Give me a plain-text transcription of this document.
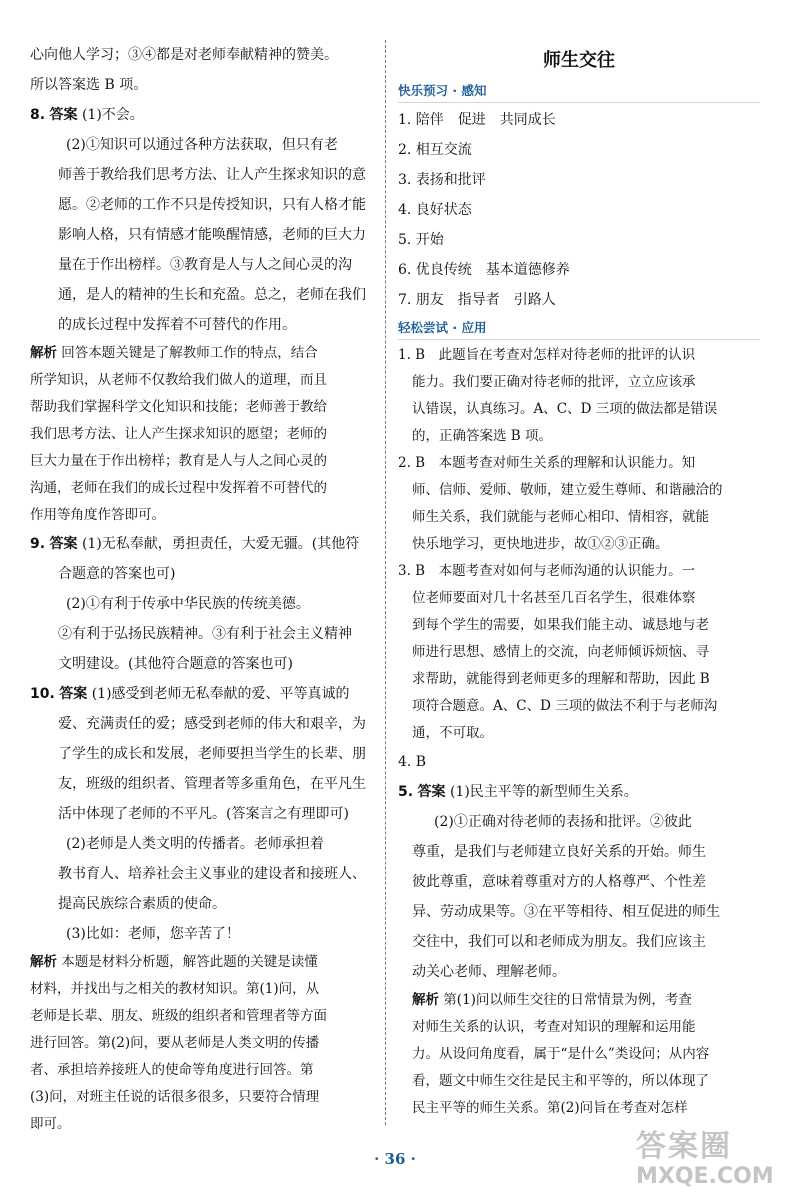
心向他人学习；③④都是对老师奉献精神的赞美。

所以答案选 B 项。

8. 答案 (1)不会。

(2)①知识可以通过各种方法获取，但只有老

师善于教给我们思考方法、让人产生探求知识的意

愿。②老师的工作不只是传授知识，只有人格才能

影响人格，只有情感才能唤醒情感，老师的巨大力

量在于作出榜样。③教育是人与人之间心灵的沟

通，是人的精神的生长和充盈。总之，老师在我们

的成长过程中发挥着不可替代的作用。

解析 回答本题关键是了解教师工作的特点，结合

所学知识，从老师不仅教给我们做人的道理，而且

帮助我们掌握科学文化知识和技能；老师善于教给

我们思考方法、让人产生探求知识的愿望；老师的

巨大力量在于作出榜样；教育是人与人之间心灵的

沟通，老师在我们的成长过程中发挥着不可替代的

作用等角度作答即可。

9. 答案 (1)无私奉献，勇担责任，大爱无疆。(其他符

合题意的答案也可)

(2)①有利于传承中华民族的传统美德。

②有利于弘扬民族精神。③有利于社会主义精神

文明建设。(其他符合题意的答案也可)

10. 答案 (1)感受到老师无私奉献的爱、平等真诚的

爱、充满责任的爱；感受到老师的伟大和艰辛，为

了学生的成长和发展，老师要担当学生的长辈、朋

友，班级的组织者、管理者等多重角色，在平凡生

活中体现了老师的不平凡。(答案言之有理即可)

(2)老师是人类文明的传播者。老师承担着

教书育人、培养社会主义事业的建设者和接班人、

提高民族综合素质的使命。

(3)比如：老师，您辛苦了！

解析 本题是材料分析题，解答此题的关键是读懂

材料，并找出与之相关的教材知识。第(1)问，从

老师是长辈、朋友、班级的组织者和管理者等方面

进行回答。第(2)问，要从老师是人类文明的传播

者、承担培养接班人的使命等角度进行回答。第

(3)问，对班主任说的话很多很多，只要符合情理

即可。

师生交往
快乐预习 · 感知

1. 陪伴　促进　共同成长

2. 相互交流

3. 表扬和批评

4. 良好状态

5. 开始

6. 优良传统　基本道德修养

7. 朋友　指导者　引路人

轻松尝试 · 应用

1. B　此题旨在考查对怎样对待老师的批评的认识

能力。我们要正确对待老师的批评，立立应该承

认错误，认真练习。A、C、D 三项的做法都是错误

的，正确答案选 B 项。

2. B　本题考查对师生关系的理解和认识能力。知

师、信师、爱师、敬师，建立爱生尊师、和谐融洽的

师生关系，我们就能与老师心相印、情相容，就能

快乐地学习，更快地进步，故①②③正确。

3. B　本题考查对如何与老师沟通的认识能力。一

位老师要面对几十名甚至几百名学生，很难体察

到每个学生的需要，如果我们能主动、诚恳地与老

师进行思想、感情上的交流，向老师倾诉烦恼、寻

求帮助，就能得到老师更多的理解和帮助，因此 B

项符合题意。A、C、D 三项的做法不利于与老师沟

通，不可取。

4. B

5. 答案 (1)民主平等的新型师生关系。

(2)①正确对待老师的表扬和批评。②彼此

尊重，是我们与老师建立良好关系的开始。师生

彼此尊重，意味着尊重对方的人格尊严、个性差

异、劳动成果等。③在平等相待、相互促进的师生

交往中，我们可以和老师成为朋友。我们应该主

动关心老师、理解老师。

解析 第(1)问以师生交往的日常情景为例，考查

对师生关系的认识，考查对知识的理解和运用能

力。从设问角度看，属于“是什么”类设问；从内容

看，题文中师生交往是民主和平等的，所以体现了

民主平等的师生关系。第(2)问旨在考查对怎样

· 36 ·	答案圈
MXQE.COM
